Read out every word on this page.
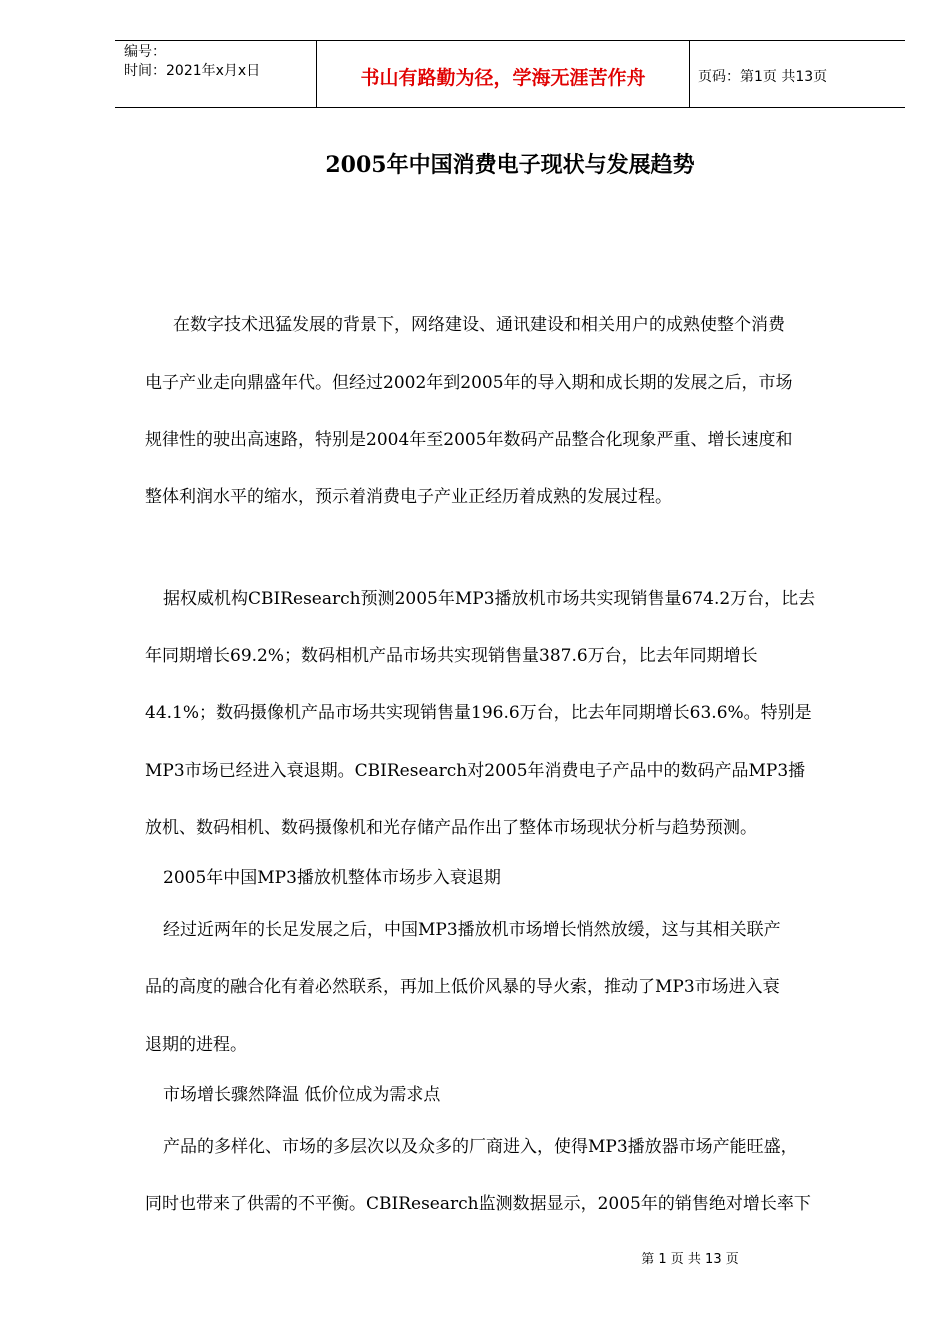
编号：
时间：2021年x月x日	书山有路勤为径，学海无涯苦作舟	页码：第1页 共13页
2005年中国消费电子现状与发展趋势
在数字技术迅猛发展的背景下，网络建设、通讯建设和相关用户的成熟使整个消费
电子产业走向鼎盛年代。但经过2002年到2005年的导入期和成长期的发展之后，市场
规律性的驶出高速路，特别是2004年至2005年数码产品整合化现象严重、增长速度和
整体利润水平的缩水，预示着消费电子产业正经历着成熟的发展过程。
据权威机构CBIResearch预测2005年MP3播放机市场共实现销售量674.2万台，比去
年同期增长69.2%；数码相机产品市场共实现销售量387.6万台，比去年同期增长
44.1%；数码摄像机产品市场共实现销售量196.6万台，比去年同期增长63.6%。特别是
MP3市场已经进入衰退期。CBIResearch对2005年消费电子产品中的数码产品MP3播
放机、数码相机、数码摄像机和光存储产品作出了整体市场现状分析与趋势预测。
2005年中国MP3播放机整体市场步入衰退期
经过近两年的长足发展之后，中国MP3播放机市场增长悄然放缓，这与其相关联产
品的高度的融合化有着必然联系，再加上低价风暴的导火索，推动了MP3市场进入衰
退期的进程。
市场增长骤然降温 低价位成为需求点
产品的多样化、市场的多层次以及众多的厂商进入，使得MP3播放器市场产能旺盛，
同时也带来了供需的不平衡。CBIResearch监测数据显示，2005年的销售绝对增长率下
第 1 页 共 13 页
